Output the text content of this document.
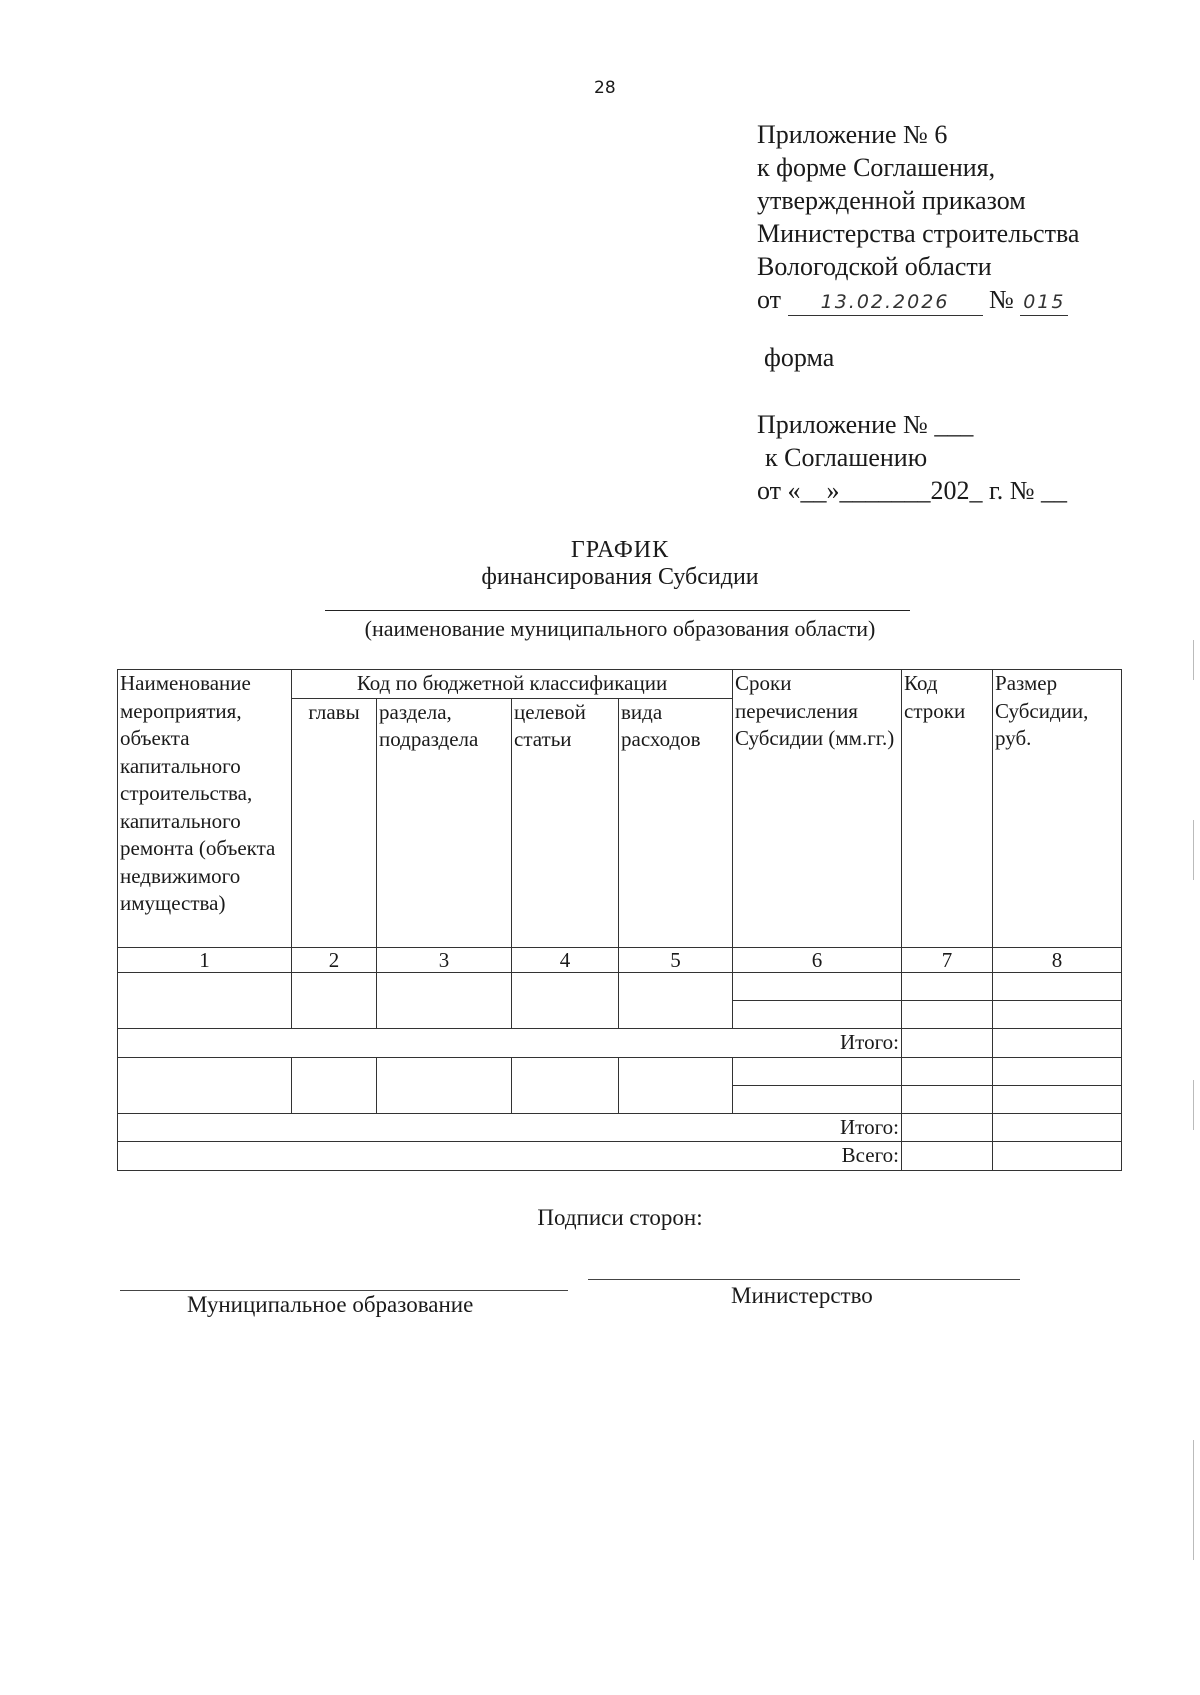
28
Приложение № 6
к форме Соглашения,
утвержденной приказом
Министерства строительства
Вологодской области
от 13.02.2026 № 015
форма
Приложение № ___
к Соглашению
от «__»_______202_ г. № __
ГРАФИК
финансирования Субсидии
(наименование муниципального образования области)
Наименование мероприятия, объекта капитального строительства, капитального ремонта (объекта недвижимого имущества)	Код по бюджетной классификации				Сроки перечисления Субсидии (мм.гг.)	Код строки	Размер Субсидии, руб.
	главы	раздела, подраздела	целевой статьи	вида расходов			
1	2	3	4	5	6	7	8

Итого:							

Итого:							
Всего:							
Подписи сторон:
Муниципальное образование	Министерство
